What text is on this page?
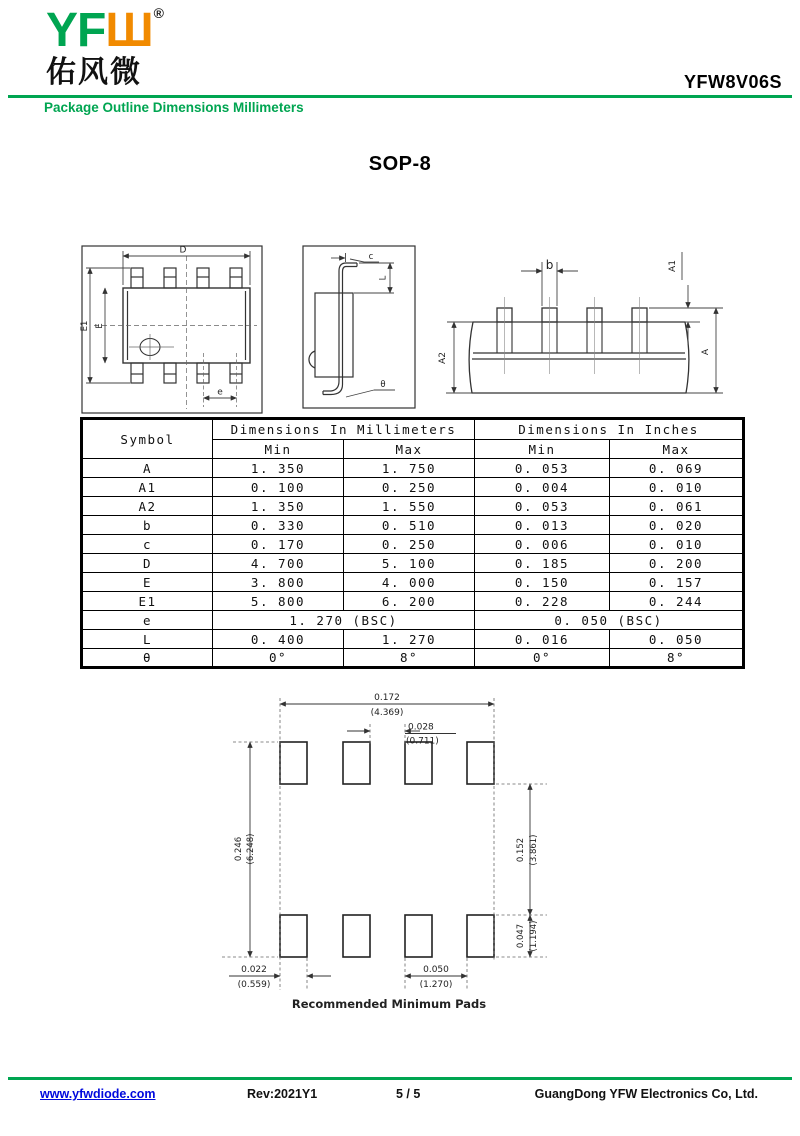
YFШ®
佑风微	YFW8V06S
Package Outline Dimensions Millimeters
SOP-8
D
E1 E
e
c
L
θ
b	A1
A2
A
Symbol	Dimensions In Millimeters		Dimensions In Inches	
	Min	Max	Min	Max
A	1. 350	1. 750	0. 053	0. 069
A1	0. 100	0. 250	0. 004	0. 010
A2	1. 350	1. 550	0. 053	0. 061
b	0. 330	0. 510	0. 013	0. 020
c	0. 170	0. 250	0. 006	0. 010
D	4. 700	5. 100	0. 185	0. 200
E	3. 800	4. 000	0. 150	0. 157
E1	5. 800	6. 200	0. 228	0. 244
e	1. 270 (BSC)		0. 050 (BSC)	
L	0. 400	1. 270	0. 016	0. 050
θ	0°	8°	0°	8°
0.172
(4.369)
0.028
(0.711)
0.246 (6.248)	0.152 (3.861)
0.047 (1.194)
0.022
(0.559)
0.050
(1.270)
Recommended Minimum Pads
www.yfwdiode.com	Rev:2021Y1	5 / 5	GuangDong YFW Electronics Co, Ltd.
